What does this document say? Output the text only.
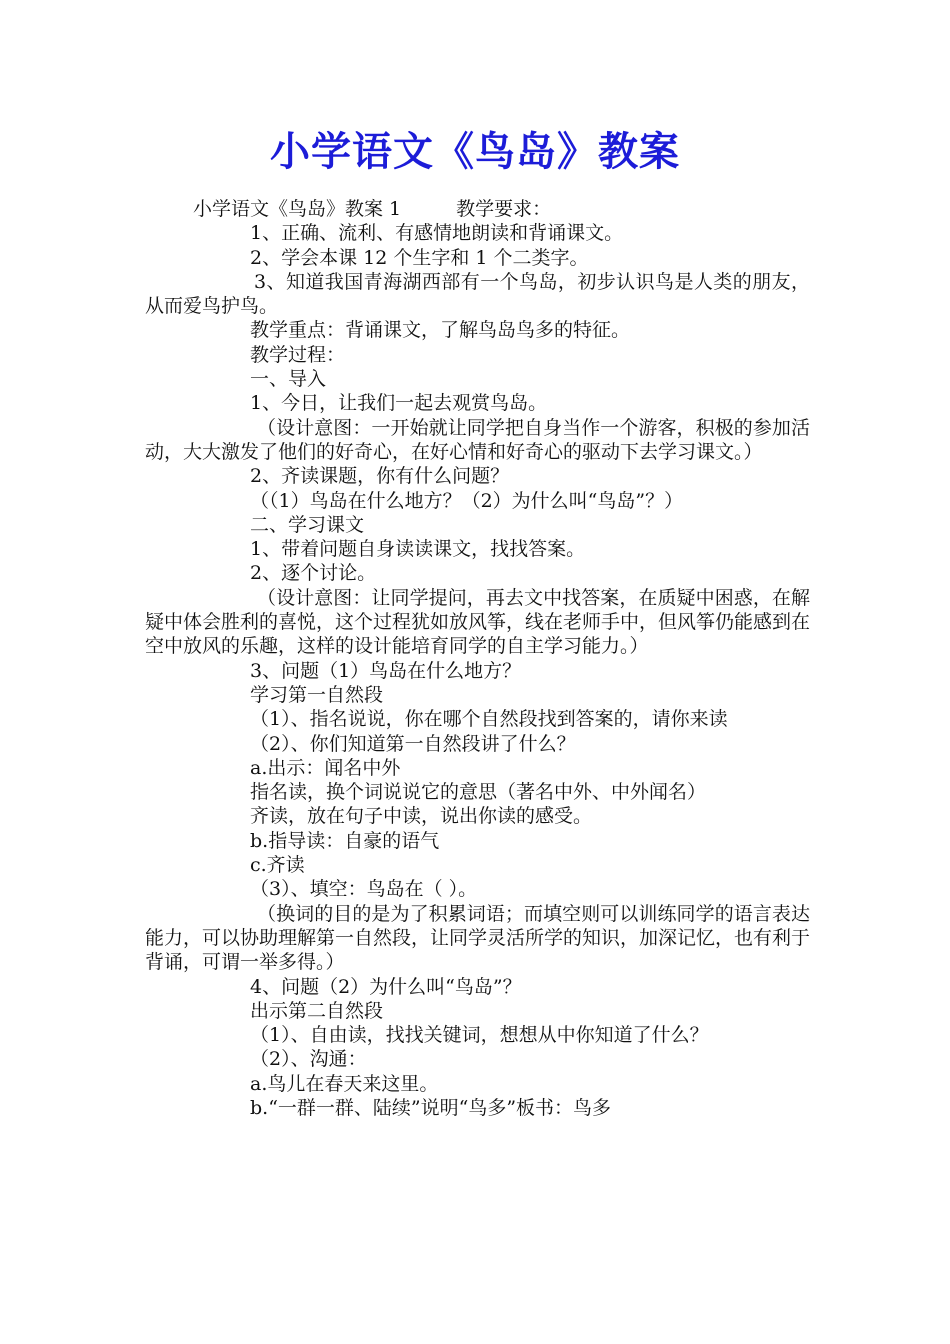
小学语文《鸟岛》教案

小学语文《鸟岛》教案 1	教学要求：

1、正确、流利、有感情地朗读和背诵课文。

2、学会本课 12 个生字和 1 个二类字。

3、知道我国青海湖西部有一个鸟岛，初步认识鸟是人类的朋友，从而爱鸟护鸟。

教学重点：背诵课文，了解鸟岛鸟多的特征。

教学过程：

一、导入

1、今日，让我们一起去观赏鸟岛。

（设计意图：一开始就让同学把自身当作一个游客，积极的参加活动，大大激发了他们的好奇心，在好心情和好奇心的驱动下去学习课文。）

2、齐读课题，你有什么问题？

（（1）鸟岛在什么地方？（2）为什么叫“鸟岛”？）

二、学习课文

1、带着问题自身读读课文，找找答案。

2、逐个讨论。

（设计意图：让同学提问，再去文中找答案，在质疑中困惑，在解疑中体会胜利的喜悦，这个过程犹如放风筝，线在老师手中，但风筝仍能感到在空中放风的乐趣，这样的设计能培育同学的自主学习能力。）

3、问题（1）鸟岛在什么地方？

学习第一自然段

（1）、指名说说，你在哪个自然段找到答案的，请你来读

（2）、你们知道第一自然段讲了什么？

a.出示：闻名中外

指名读，换个词说说它的意思（著名中外、中外闻名）

齐读，放在句子中读，说出你读的感受。

b.指导读：自豪的语气

c.齐读

（3）、填空：鸟岛在（ ）。

（换词的目的是为了积累词语；而填空则可以训练同学的语言表达能力，可以协助理解第一自然段，让同学灵活所学的知识，加深记忆，也有利于背诵，可谓一举多得。）

4、问题（2）为什么叫“鸟岛”？

出示第二自然段

（1）、自由读，找找关键词，想想从中你知道了什么？

（2）、沟通：

a.鸟儿在春天来这里。

b.“一群一群、陆续”说明“鸟多”板书：鸟多
